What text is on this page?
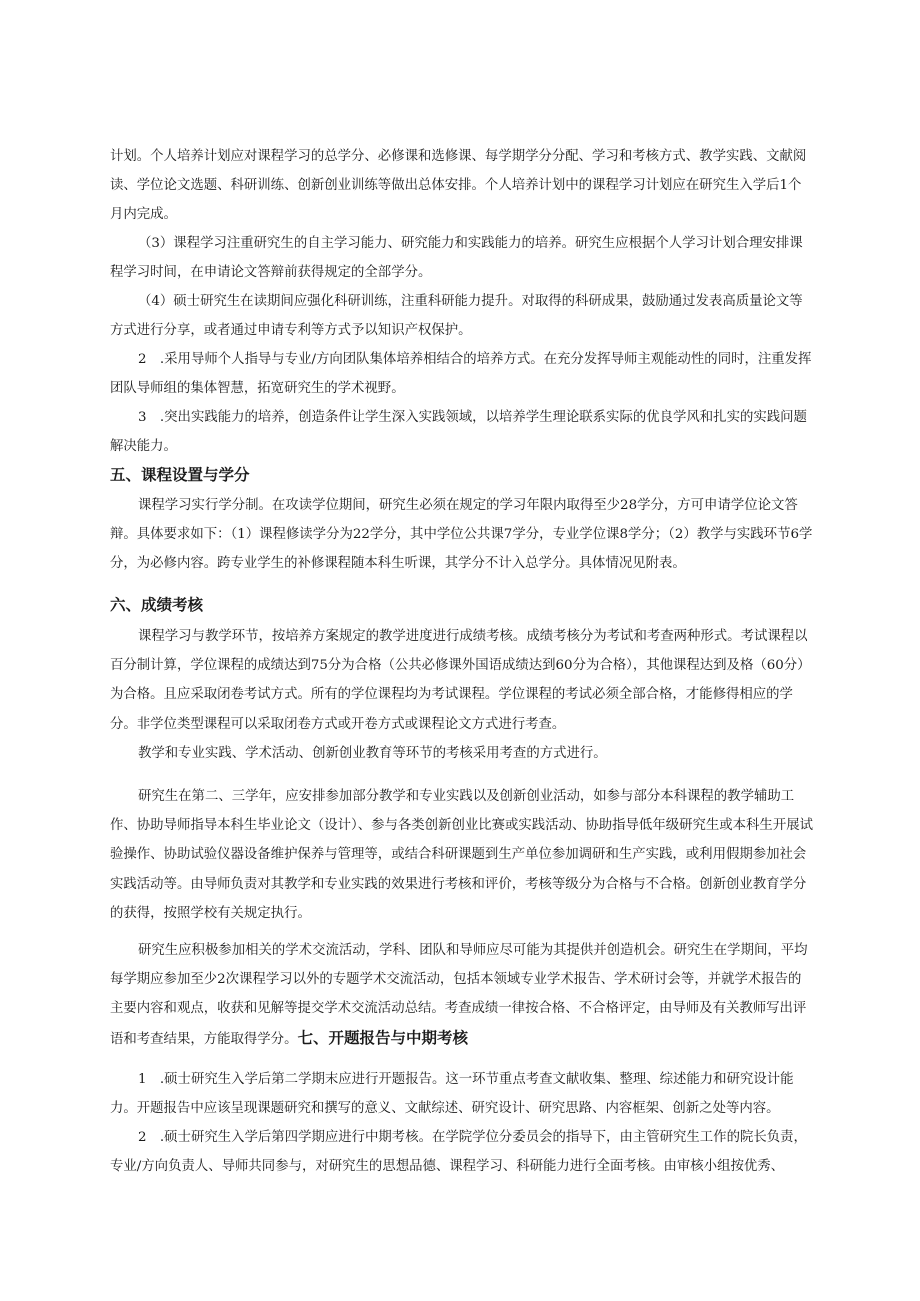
计划。个人培养计划应对课程学习的总学分、必修课和选修课、每学期学分分配、学习和考核方式、教学实践、文献阅读、学位论文选题、科研训练、创新创业训练等做出总体安排。个人培养计划中的课程学习计划应在研究生入学后1个月内完成。

（3）课程学习注重研究生的自主学习能力、研究能力和实践能力的培养。研究生应根据个人学习计划合理安排课程学习时间，在申请论文答辩前获得规定的全部学分。

（4）硕士研究生在读期间应强化科研训练，注重科研能力提升。对取得的科研成果，鼓励通过发表高质量论文等方式进行分享，或者通过申请专利等方式予以知识产权保护。

2　.采用导师个人指导与专业/方向团队集体培养相结合的培养方式。在充分发挥导师主观能动性的同时，注重发挥团队导师组的集体智慧，拓宽研究生的学术视野。

3　.突出实践能力的培养，创造条件让学生深入实践领域，以培养学生理论联系实际的优良学风和扎实的实践问题解决能力。

五、课程设置与学分

课程学习实行学分制。在攻读学位期间，研究生必须在规定的学习年限内取得至少28学分，方可申请学位论文答辩。具体要求如下：（1）课程修读学分为22学分，其中学位公共课7学分，专业学位课8学分；（2）教学与实践环节6学分，为必修内容。跨专业学生的补修课程随本科生听课，其学分不计入总学分。具体情况见附表。

六、成绩考核

课程学习与教学环节，按培养方案规定的教学进度进行成绩考核。成绩考核分为考试和考查两种形式。考试课程以百分制计算，学位课程的成绩达到75分为合格（公共必修课外国语成绩达到60分为合格），其他课程达到及格（60分）为合格。且应采取闭卷考试方式。所有的学位课程均为考试课程。学位课程的考试必须全部合格，才能修得相应的学分。非学位类型课程可以采取闭卷方式或开卷方式或课程论文方式进行考查。

教学和专业实践、学术活动、创新创业教育等环节的考核采用考查的方式进行。

研究生在第二、三学年，应安排参加部分教学和专业实践以及创新创业活动，如参与部分本科课程的教学辅助工作、协助导师指导本科生毕业论文（设计）、参与各类创新创业比赛或实践活动、协助指导低年级研究生或本科生开展试验操作、协助试验仪器设备维护保养与管理等，或结合科研课题到生产单位参加调研和生产实践，或利用假期参加社会实践活动等。由导师负责对其教学和专业实践的效果进行考核和评价，考核等级分为合格与不合格。创新创业教育学分的获得，按照学校有关规定执行。

研究生应积极参加相关的学术交流活动，学科、团队和导师应尽可能为其提供并创造机会。研究生在学期间，平均每学期应参加至少2次课程学习以外的专题学术交流活动，包括本领域专业学术报告、学术研讨会等，并就学术报告的主要内容和观点，收获和见解等提交学术交流活动总结。考查成绩一律按合格、不合格评定，由导师及有关教师写出评语和考查结果，方能取得学分。七、开题报告与中期考核

1　.硕士研究生入学后第二学期末应进行开题报告。这一环节重点考查文献收集、整理、综述能力和研究设计能力。开题报告中应该呈现课题研究和撰写的意义、文献综述、研究设计、研究思路、内容框架、创新之处等内容。

2　.硕士研究生入学后第四学期应进行中期考核。在学院学位分委员会的指导下，由主管研究生工作的院长负责，专业/方向负责人、导师共同参与，对研究生的思想品德、课程学习、科研能力进行全面考核。由审核小组按优秀、
